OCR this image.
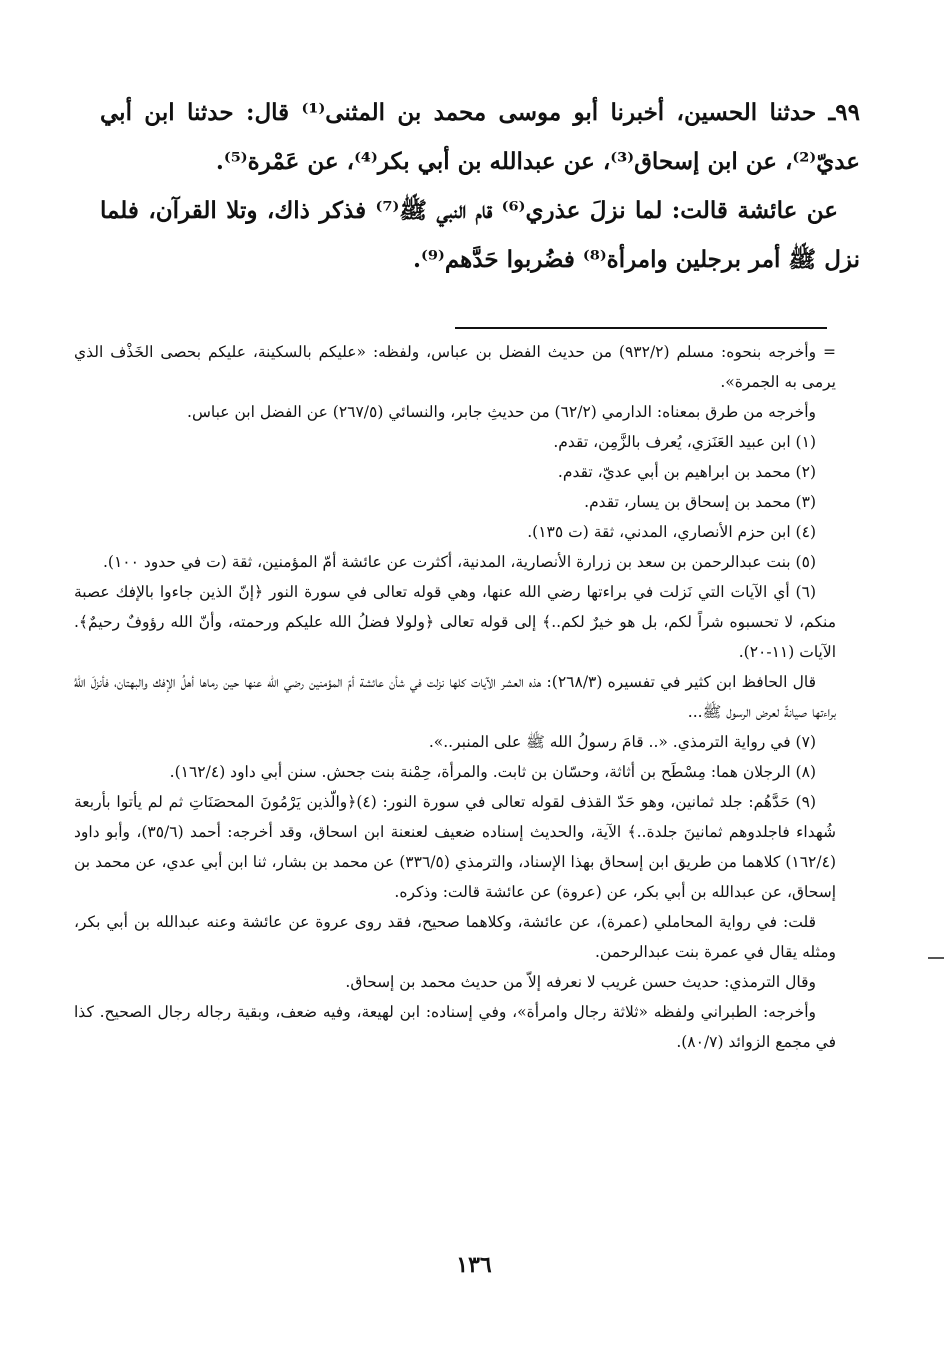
٩٩ـ حدثنا الحسين، أخبرنا أبو موسى محمد بن المثنى⁽¹⁾ قال: حدثنا ابن أبي عديّ⁽²⁾، عن ابن إسحاق⁽³⁾، عن عبدالله بن أبي بكر⁽⁴⁾، عن عَمْرة⁽⁵⁾.

عن عائشة قالت: لما نزلَ عذري⁽⁶⁾ قام النبي ﷺ⁽⁷⁾ فذكر ذاك، وتلا القرآن، فلما نزل ﷺ أمر برجلين وامرأة⁽⁸⁾ فضُربوا حَدَّهم⁽⁹⁾.

= وأخرجه بنحوه: مسلم (٩٣٢/٢) من حديث الفضل بن عباس، ولفظه: «عليكم بالسكينة، عليكم بحصى الخَذْف الذي يرمى به الجمرة».

وأخرجه من طرق بمعناه: الدارمي (٦٢/٢) من حديثِ جابر، والنسائي (٢٦٧/٥) عن الفضل ابن عباس.

(١) ابن عبيد العَنَزي، يُعرف بالزَّمِن، تقدم.

(٢) محمد بن ابراهيم بن أبي عديّ، تقدم.

(٣) محمد بن إسحاق بن يسار، تقدم.

(٤) ابن حزم الأنصاري، المدني، ثقة (ت ١٣٥).

(٥) بنت عبدالرحمن بن سعد بن زرارة الأنصارية، المدنية، أكثرت عن عائشة أمّ المؤمنين، ثقة (ت في حدود ١٠٠).

(٦) أي الآيات التي نَزلت في براءتها رضي الله عنها، وهي قوله تعالى في سورة النور ﴿إنّ الذين جاءوا بالإفك عصبة منكم، لا تحسبوه شراً لكم، بل هو خيرٌ لكم..﴾ إلى قوله تعالى ﴿ولولا فضلُ الله عليكم ورحمته، وأنّ الله رؤوفٌ رحيمٌ﴾. الآيات (١١-٢٠).

قال الحافظ ابن كثير في تفسيره (٢٦٨/٣): هذه العشر الآيات كلها نزلت في شأن عائشة أمّ المؤمنين رضي الله عنها حين رماها أهلُ الإفك والبهتان، فأنزلَ اللهُ براءتها صيانةً لعرض الرسول ﷺ...

(٧) في رواية الترمذي. «.. قامَ رسولُ الله ﷺ على المنبر..».

(٨) الرجلان هما: مِسْطَح بن أثاثة، وحسّان بن ثابت. والمرأة، حِمْنة بنت جحش. سنن أبي داود (١٦٢/٤).

(٩) حَدَّهُم: جلد ثمانين، وهو حَدّ القذف لقوله تعالى في سورة النور: (٤)﴿والّذين يَرْمُونَ المحصَنَاتِ ثم لم يأتوا بأربعة شُهداء فاجلدوهم ثمانينَ جلدة..﴾ الآية، والحديث إسناده ضعيف لعنعنة ابن اسحاق، وقد أخرجه: أحمد (٣٥/٦)، وأبو داود (١٦٢/٤) كلاهما من طريق ابن إسحاق بهذا الإسناد، والترمذي (٣٣٦/٥) عن محمد بن بشار، ثنا ابن أبي عدي، عن محمد بن إسحاق، عن عبدالله بن أبي بكر، عن (عروة) عن عائشة قالت: وذكره.

قلت: في رواية المحاملي (عمرة)، عن عائشة، وكلاهما صحيح، فقد روى عروة عن عائشة وعنه عبدالله بن أبي بكر، ومثله يقال في عمرة بنت عبدالرحمن.

وقال الترمذي: حديث حسن غريب لا نعرفه إلاّ من حديث محمد بن إسحاق.

وأخرجه: الطبراني ولفظه «ثلاثة رجال وامرأة»، وفي إسناده: ابن لهيعة، وفيه ضعف، وبقية رجاله رجال الصحيح. كذا في مجمع الزوائد (٨٠/٧).

١٣٦
